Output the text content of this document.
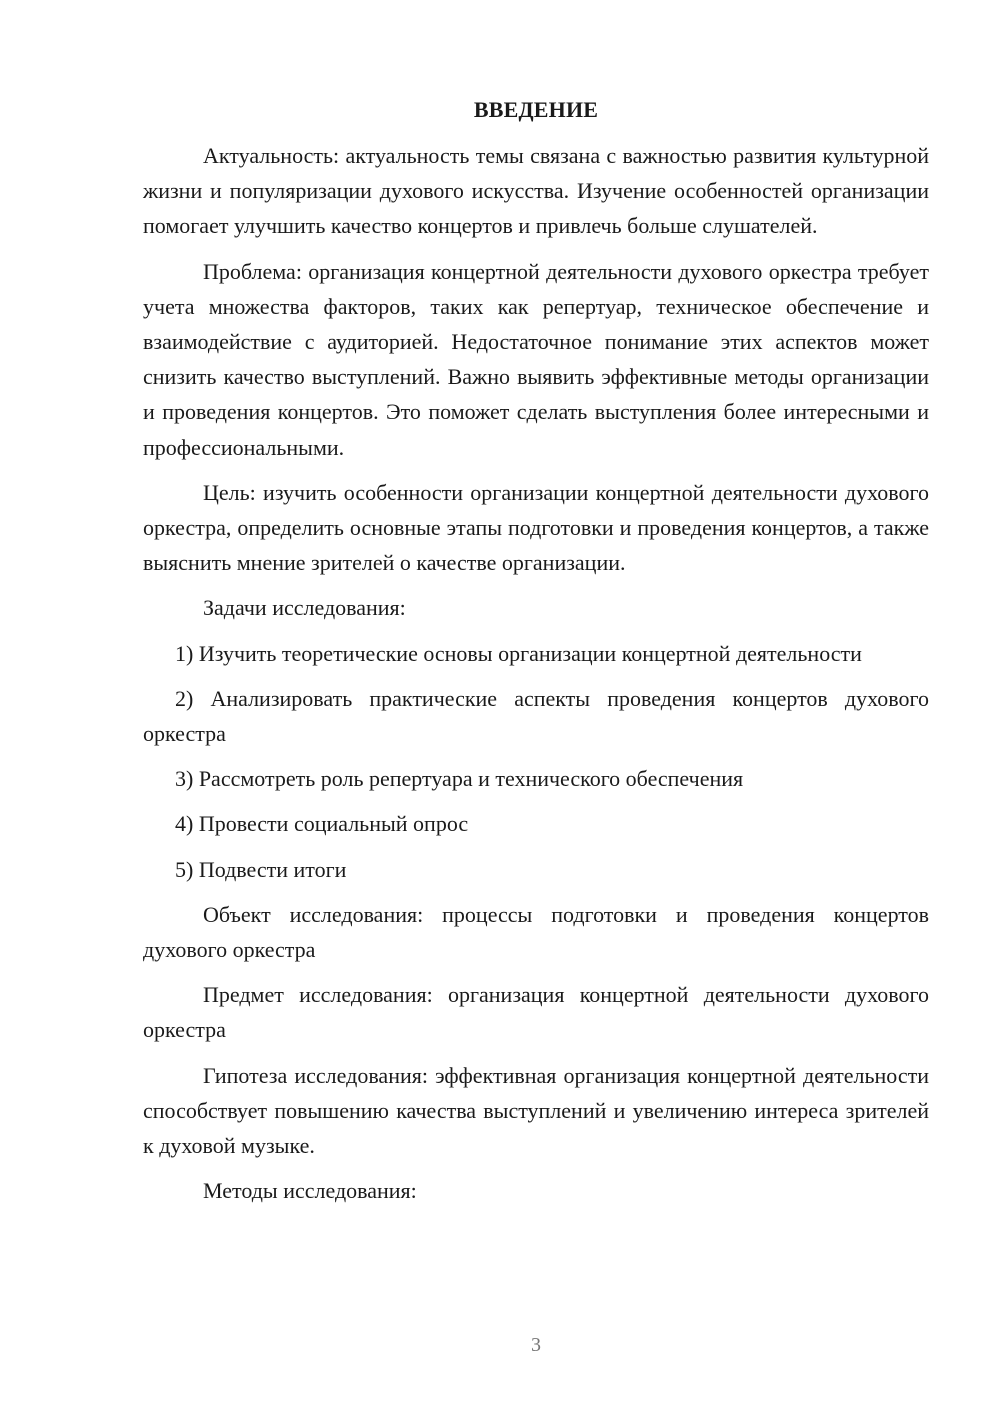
ВВЕДЕНИЕ

Актуальность: актуальность темы связана с важностью развития культурной жизни и популяризации духового искусства. Изучение особенностей организации помогает улучшить качество концертов и привлечь больше слушателей.

Проблема: организация концертной деятельности духового оркестра требует учета множества факторов, таких как репертуар, техническое обеспечение и взаимодействие с аудиторией. Недостаточное понимание этих аспектов может снизить качество выступлений. Важно выявить эффективные методы организации и проведения концертов. Это поможет сделать выступления более интересными и профессиональными.

Цель: изучить особенности организации концертной деятельности духового оркестра, определить основные этапы подготовки и проведения концертов, а также выяснить мнение зрителей о качестве организации.

Задачи исследования:

1) Изучить теоретические основы организации концертной деятельности

2) Анализировать практические аспекты проведения концертов духового оркестра

3) Рассмотреть роль репертуара и технического обеспечения

4) Провести социальный опрос

5) Подвести итоги

Объект исследования: процессы подготовки и проведения концертов духового оркестра

Предмет исследования: организация концертной деятельности духового оркестра

Гипотеза исследования: эффективная организация концертной деятельности способствует повышению качества выступлений и увеличению интереса зрителей к духовой музыке.

Методы исследования:

3
